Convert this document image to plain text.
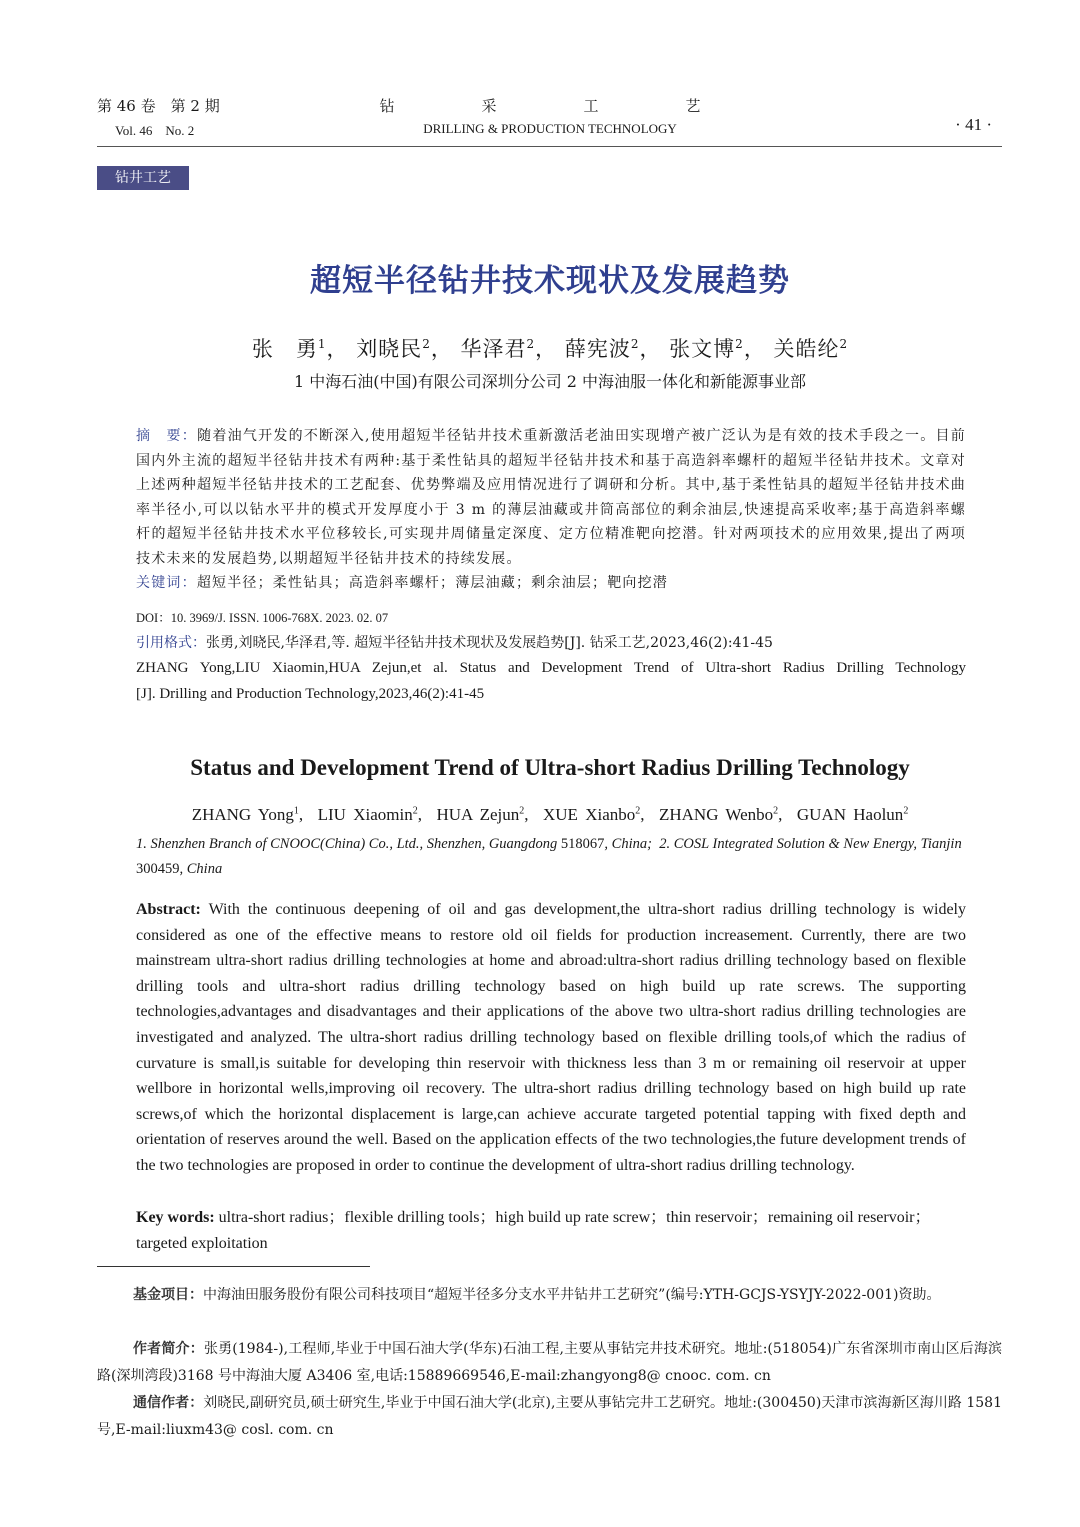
第 46 卷　第 2 期
Vol. 46　No. 2
钻　采　工　艺
DRILLING & PRODUCTION TECHNOLOGY	· 41 ·
钻井工艺
超短半径钻井技术现状及发展趋势
张　勇$^1$， 刘晓民$^2$， 华泽君$^2$， 薛宪波$^2$， 张文博$^2$， 关皓纶$^2$
1 中海石油(中国)有限公司深圳分公司 2 中海油服一体化和新能源事业部
摘　要：随着油气开发的不断深入,使用超短半径钻井技术重新激活老油田实现增产被广泛认为是有效的技术手段之一。目前国内外主流的超短半径钻井技术有两种:基于柔性钻具的超短半径钻井技术和基于高造斜率螺杆的超短半径钻井技术。文章对上述两种超短半径钻井技术的工艺配套、优势弊端及应用情况进行了调研和分析。其中,基于柔性钻具的超短半径钻井技术曲率半径小,可以以钻水平井的模式开发厚度小于 3 m 的薄层油藏或井筒高部位的剩余油层,快速提高采收率;基于高造斜率螺杆的超短半径钻井技术水平位移较长,可实现井周储量定深度、定方位精准靶向挖潜。针对两项技术的应用效果,提出了两项技术未来的发展趋势,以期超短半径钻井技术的持续发展。
关键词：超短半径；柔性钻具；高造斜率螺杆；薄层油藏；剩余油层；靶向挖潜
DOI：10. 3969/J. ISSN. 1006-768X. 2023. 02. 07
引用格式：张勇,刘晓民,华泽君,等. 超短半径钻井技术现状及发展趋势[J]. 钻采工艺,2023,46(2):41-45
ZHANG Yong,LIU Xiaomin,HUA Zejun,et al. Status and Development Trend of Ultra-short Radius Drilling Technology
[J]. Drilling and Production Technology,2023,46(2):41-45
Status and Development Trend of Ultra-short Radius Drilling Technology
ZHANG Yong$^1$,  LIU Xiaomin$^2$,  HUA Zejun$^2$,  XUE Xianbo$^2$,  ZHANG Wenbo$^2$,  GUAN Haolun$^2$
1. Shenzhen Branch of CNOOC(China) Co., Ltd., Shenzhen, Guangdong 518067, China;  2. COSL Integrated Solution & New Energy, Tianjin 300459, China
Abstract: With the continuous deepening of oil and gas development,the ultra-short radius drilling technology is widely considered as one of the effective means to restore old oil fields for production increasement. Currently, there are two mainstream ultra-short radius drilling technologies at home and abroad:ultra-short radius drilling technology based on flexible drilling tools and ultra-short radius drilling technology based on high build up rate screws. The supporting technologies,advantages and disadvantages and their applications of the above two ultra-short radius drilling technologies are investigated and analyzed. The ultra-short radius drilling technology based on flexible drilling tools,of which the radius of curvature is small,is suitable for developing thin reservoir with thickness less than 3 m or remaining oil reservoir at upper wellbore in horizontal wells,improving oil recovery. The ultra-short radius drilling technology based on high build up rate screws,of which the horizontal displacement is large,can achieve accurate targeted potential tapping with fixed depth and orientation of reserves around the well. Based on the application effects of the two technologies,the future development trends of the two technologies are proposed in order to continue the development of ultra-short radius drilling technology.
Key words: ultra-short radius；flexible drilling tools；high build up rate screw；thin reservoir；remaining oil reservoir；targeted exploitation
基金项目：中海油田服务股份有限公司科技项目“超短半径多分支水平井钻井工艺研究”(编号:YTH-GCJS-YSYJY-2022-001)资助。
作者简介：张勇(1984-),工程师,毕业于中国石油大学(华东)石油工程,主要从事钻完井技术研究。地址:(518054)广东省深圳市南山区后海滨路(深圳湾段)3168 号中海油大厦 A3406 室,电话:15889669546,E-mail:zhangyong8@ cnooc. com. cn
通信作者：刘晓民,副研究员,硕士研究生,毕业于中国石油大学(北京),主要从事钻完井工艺研究。地址:(300450)天津市滨海新区海川路 1581 号,E-mail:liuxm43@ cosl. com. cn
